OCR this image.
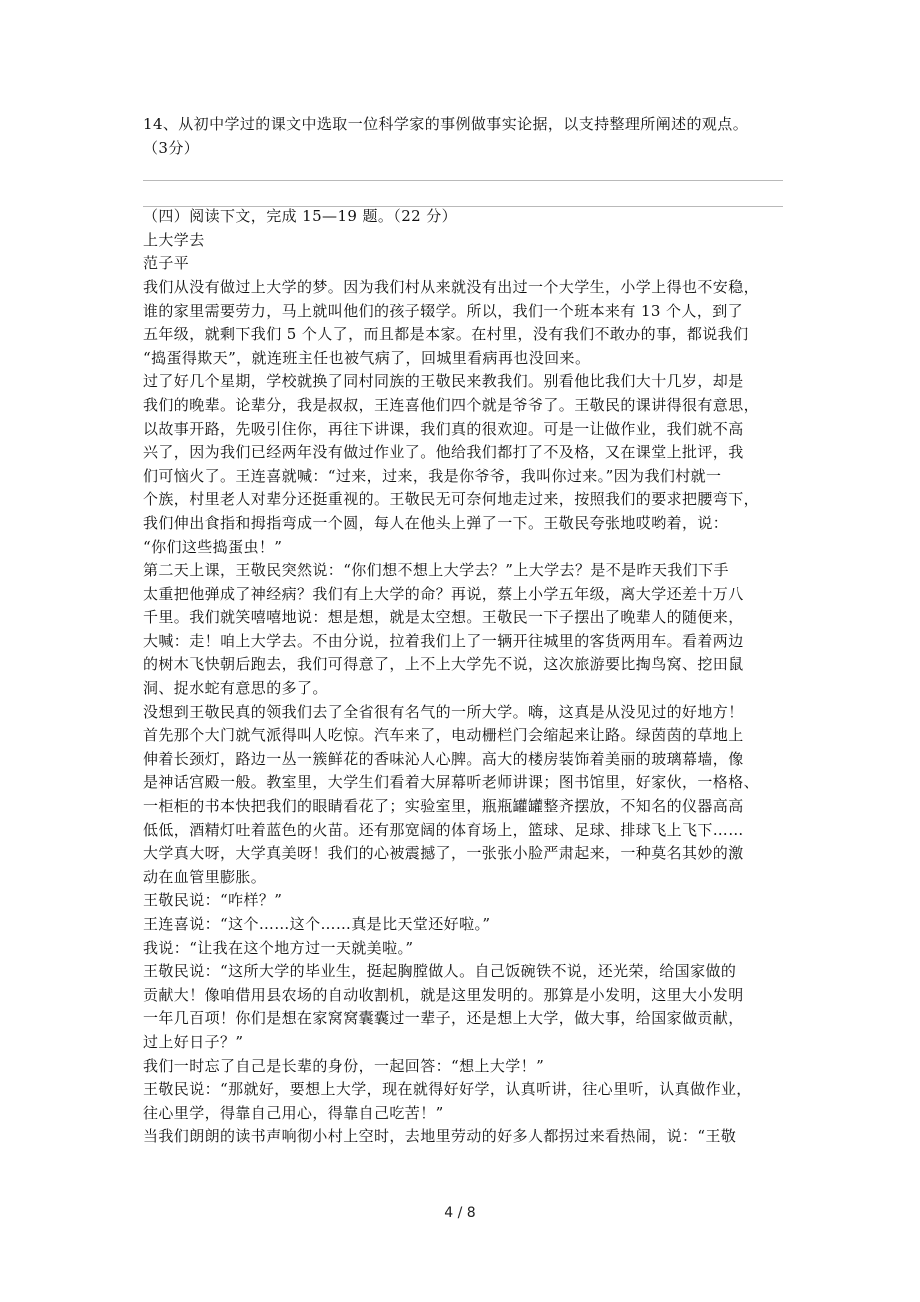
14、从初中学过的课文中选取一位科学家的事例做事实论据，以支持整理所阐述的观点。
（3分）
（四）阅读下文，完成 15—19 题。（22 分）
上大学去
范子平
我们从没有做过上大学的梦。因为我们村从来就没有出过一个大学生，小学上得也不安稳，
谁的家里需要劳力，马上就叫他们的孩子辍学。所以，我们一个班本来有 13 个人，到了
五年级，就剩下我们 5 个人了，而且都是本家。在村里，没有我们不敢办的事，都说我们
“捣蛋得欺天”，就连班主任也被气病了，回城里看病再也没回来。
过了好几个星期，学校就换了同村同族的王敬民来教我们。别看他比我们大十几岁，却是
我们的晚辈。论辈分，我是叔叔，王连喜他们四个就是爷爷了。王敬民的课讲得很有意思，
以故事开路，先吸引住你，再往下讲课，我们真的很欢迎。可是一让做作业，我们就不高
兴了，因为我们已经两年没有做过作业了。他给我们都打了不及格，又在课堂上批评，我
们可恼火了。王连喜就喊：“过来，过来，我是你爷爷，我叫你过来。”因为我们村就一
个族，村里老人对辈分还挺重视的。王敬民无可奈何地走过来，按照我们的要求把腰弯下，
我们伸出食指和拇指弯成一个圆，每人在他头上弹了一下。王敬民夸张地哎哟着，说：
“你们这些捣蛋虫！”
第二天上课，王敬民突然说：“你们想不想上大学去？”上大学去？是不是昨天我们下手
太重把他弹成了神经病？我们有上大学的命？再说，蔡上小学五年级，离大学还差十万八
千里。我们就笑嘻嘻地说：想是想，就是太空想。王敬民一下子摆出了晚辈人的随便来，
大喊：走！咱上大学去。不由分说，拉着我们上了一辆开往城里的客货两用车。看着两边
的树木飞快朝后跑去，我们可得意了，上不上大学先不说，这次旅游要比掏鸟窝、挖田鼠
洞、捉水蛇有意思的多了。
没想到王敬民真的领我们去了全省很有名气的一所大学。嗨，这真是从没见过的好地方！
首先那个大门就气派得叫人吃惊。汽车来了，电动栅栏门会缩起来让路。绿茵茵的草地上
伸着长颈灯，路边一丛一簇鲜花的香味沁人心脾。高大的楼房装饰着美丽的玻璃幕墙，像
是神话宫殿一般。教室里，大学生们看着大屏幕听老师讲课；图书馆里，好家伙，一格格、
一柜柜的书本快把我们的眼睛看花了；实验室里，瓶瓶罐罐整齐摆放，不知名的仪器高高
低低，酒精灯吐着蓝色的火苗。还有那宽阔的体育场上，篮球、足球、排球飞上飞下……
大学真大呀，大学真美呀！我们的心被震撼了，一张张小脸严肃起来，一种莫名其妙的激
动在血管里膨胀。
王敬民说：“咋样？”
王连喜说：“这个……这个……真是比天堂还好啦。”
我说：“让我在这个地方过一天就美啦。”
王敬民说：“这所大学的毕业生，挺起胸膛做人。自己饭碗铁不说，还光荣，给国家做的
贡献大！像咱借用县农场的自动收割机，就是这里发明的。那算是小发明，这里大小发明
一年几百项！你们是想在家窝窝囊囊过一辈子，还是想上大学，做大事，给国家做贡献，
过上好日子？”
我们一时忘了自己是长辈的身份，一起回答：“想上大学！”
王敬民说：“那就好，要想上大学，现在就得好好学，认真听讲，往心里听，认真做作业，
往心里学，得靠自己用心，得靠自己吃苦！”
当我们朗朗的读书声响彻小村上空时，去地里劳动的好多人都拐过来看热闹，说：“王敬
4 / 8
